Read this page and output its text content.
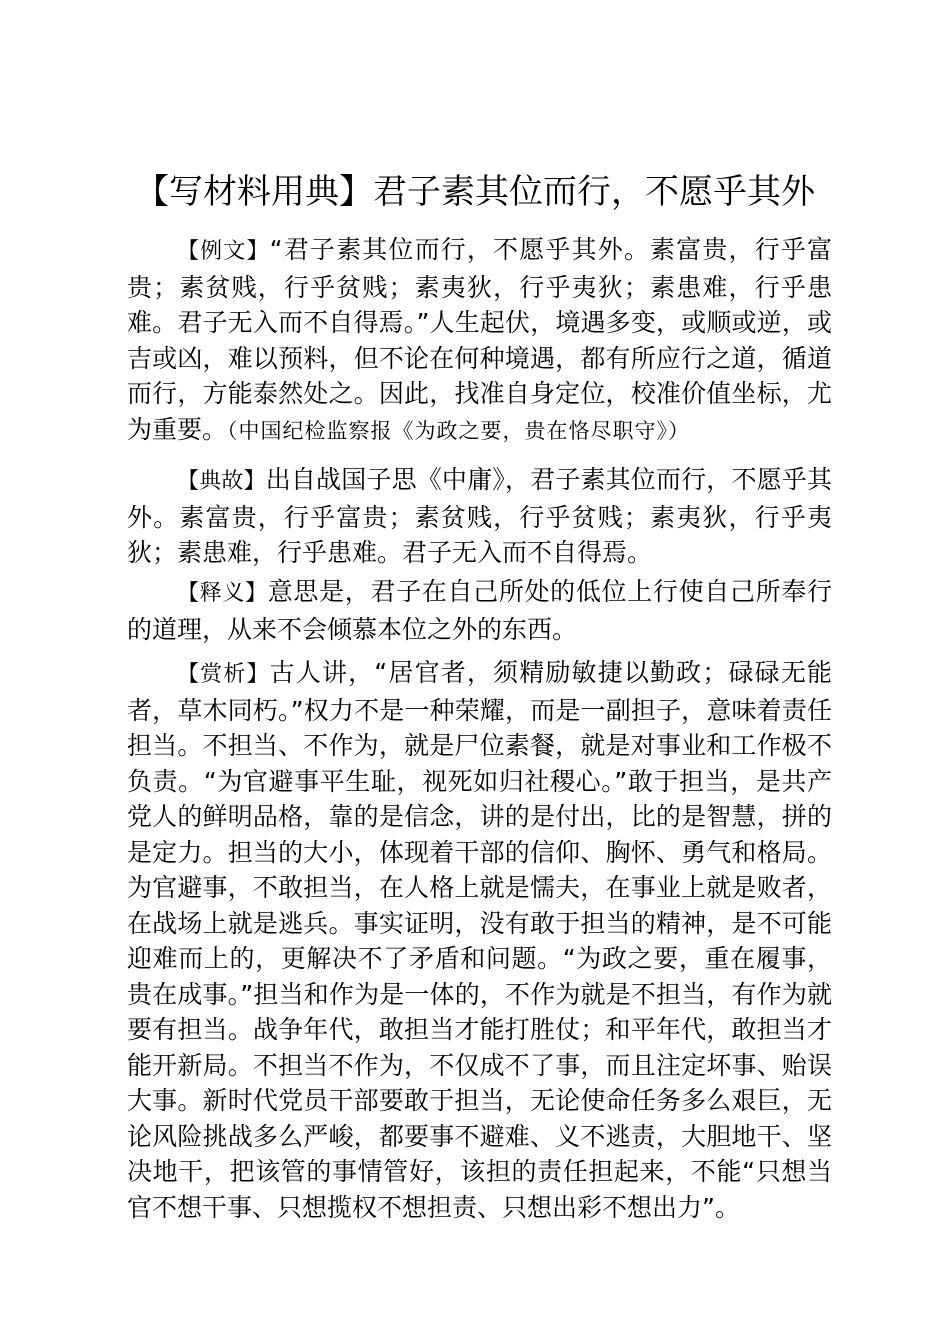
【写材料用典】君子素其位而行，不愿乎其外

【例文】“君子素其位而行，不愿乎其外。素富贵，行乎富贵；素贫贱，行乎贫贱；素夷狄，行乎夷狄；素患难，行乎患难。君子无入而不自得焉。”人生起伏，境遇多变，或顺或逆，或吉或凶，难以预料，但不论在何种境遇，都有所应行之道，循道而行，方能泰然处之。因此，找准自身定位，校准价值坐标，尤为重要。（中国纪检监察报《为政之要，贵在恪尽职守》）

【典故】出自战国子思《中庸》，君子素其位而行，不愿乎其外。素富贵，行乎富贵；素贫贱，行乎贫贱；素夷狄，行乎夷狄；素患难，行乎患难。君子无入而不自得焉。

【释义】意思是，君子在自己所处的低位上行使自己所奉行的道理，从来不会倾慕本位之外的东西。

【赏析】古人讲，“居官者，须精励敏捷以勤政；碌碌无能者，草木同朽。”权力不是一种荣耀，而是一副担子，意味着责任担当。不担当、不作为，就是尸位素餐，就是对事业和工作极不负责。“为官避事平生耻，视死如归社稷心。”敢于担当，是共产党人的鲜明品格，靠的是信念，讲的是付出，比的是智慧，拼的是定力。担当的大小，体现着干部的信仰、胸怀、勇气和格局。为官避事，不敢担当，在人格上就是懦夫，在事业上就是败者，在战场上就是逃兵。事实证明，没有敢于担当的精神，是不可能迎难而上的，更解决不了矛盾和问题。“为政之要，重在履事，贵在成事。”担当和作为是一体的，不作为就是不担当，有作为就要有担当。战争年代，敢担当才能打胜仗；和平年代，敢担当才能开新局。不担当不作为，不仅成不了事，而且注定坏事、贻误大事。新时代党员干部要敢于担当，无论使命任务多么艰巨，无论风险挑战多么严峻，都要事不避难、义不逃责，大胆地干、坚决地干，把该管的事情管好，该担的责任担起来，不能“只想当官不想干事、只想揽权不想担责、只想出彩不想出力”。
